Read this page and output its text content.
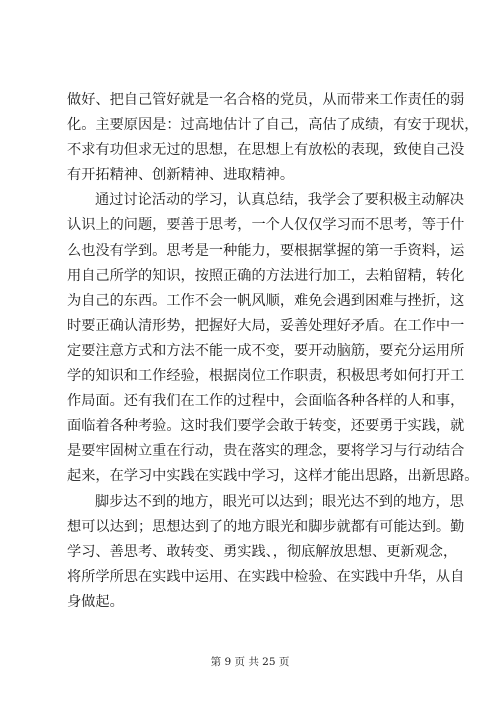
做好、把自己管好就是一名合格的党员，从而带来工作责任的弱
化。主要原因是：过高地估计了自己，高估了成绩，有安于现状，
不求有功但求无过的思想，在思想上有放松的表现，致使自己没
有开拓精神、创新精神、进取精神。
通过讨论活动的学习，认真总结，我学会了要积极主动解决
认识上的问题，要善于思考，一个人仅仅学习而不思考，等于什
么也没有学到。思考是一种能力，要根据掌握的第一手资料，运
用自己所学的知识，按照正确的方法进行加工，去粕留精，转化
为自己的东西。工作不会一帆风顺，难免会遇到困难与挫折，这
时要正确认清形势，把握好大局，妥善处理好矛盾。在工作中一
定要注意方式和方法不能一成不变，要开动脑筋，要充分运用所
学的知识和工作经验，根据岗位工作职责，积极思考如何打开工
作局面。还有我们在工作的过程中，会面临各种各样的人和事，
面临着各种考验。这时我们要学会敢于转变，还要勇于实践，就
是要牢固树立重在行动，贵在落实的理念，要将学习与行动结合
起来，在学习中实践在实践中学习，这样才能出思路，出新思路。
脚步达不到的地方，眼光可以达到；眼光达不到的地方，思
想可以达到；思想达到了的地方眼光和脚步就都有可能达到。勤
学习、善思考、敢转变、勇实践、，彻底解放思想、更新观念，
将所学所思在实践中运用、在实践中检验、在实践中升华，从自
身做起。
第 9 页 共 25 页
